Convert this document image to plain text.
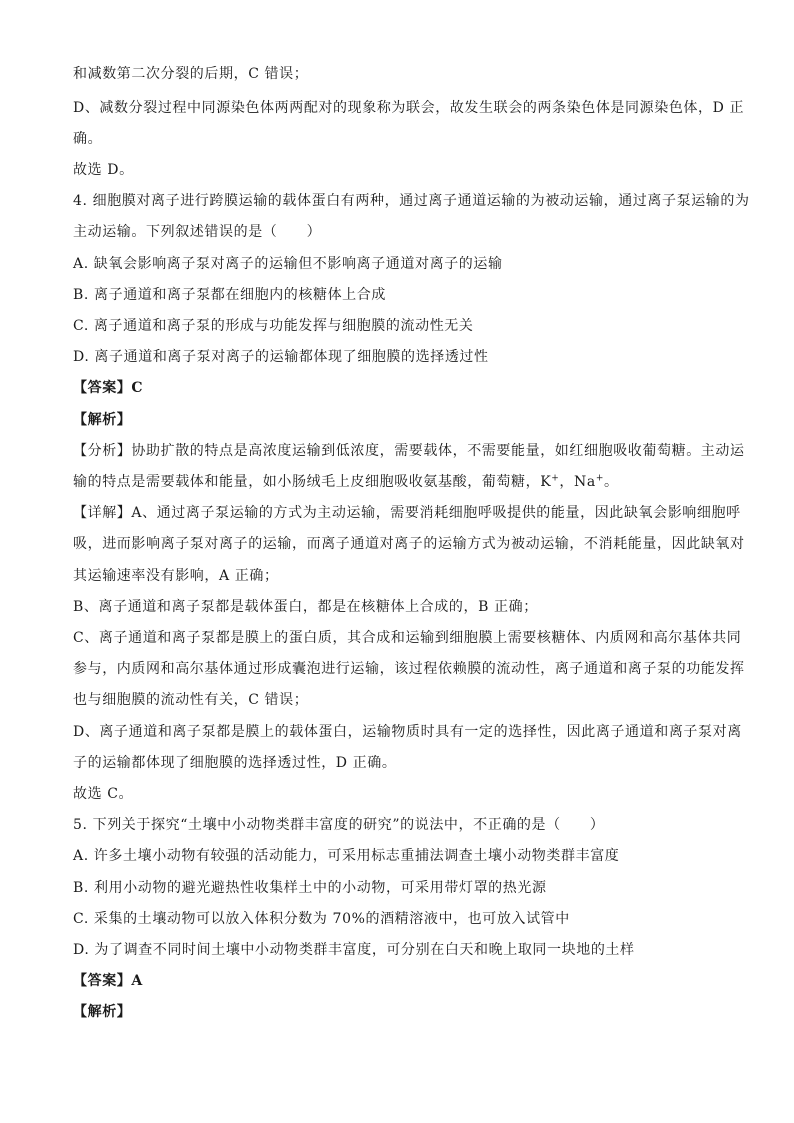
和减数第二次分裂的后期，C 错误；
D、减数分裂过程中同源染色体两两配对的现象称为联会，故发生联会的两条染色体是同源染色体，D 正
确。
故选 D。
4. 细胞膜对离子进行跨膜运输的载体蛋白有两种，通过离子通道运输的为被动运输，通过离子泵运输的为
主动运输。下列叙述错误的是（　　）
A. 缺氧会影响离子泵对离子的运输但不影响离子通道对离子的运输
B. 离子通道和离子泵都在细胞内的核糖体上合成
C. 离子通道和离子泵的形成与功能发挥与细胞膜的流动性无关
D. 离子通道和离子泵对离子的运输都体现了细胞膜的选择透过性
【答案】C
【解析】
【分析】协助扩散的特点是高浓度运输到低浓度，需要载体，不需要能量，如红细胞吸收葡萄糖。主动运
输的特点是需要载体和能量，如小肠绒毛上皮细胞吸收氨基酸，葡萄糖，K+，Na+。
【详解】A、通过离子泵运输的方式为主动运输，需要消耗细胞呼吸提供的能量，因此缺氧会影响细胞呼
吸，进而影响离子泵对离子的运输，而离子通道对离子的运输方式为被动运输，不消耗能量，因此缺氧对
其运输速率没有影响，A 正确；
B、离子通道和离子泵都是载体蛋白，都是在核糖体上合成的，B 正确；
C、离子通道和离子泵都是膜上的蛋白质，其合成和运输到细胞膜上需要核糖体、内质网和高尔基体共同
参与，内质网和高尔基体通过形成囊泡进行运输，该过程依赖膜的流动性，离子通道和离子泵的功能发挥
也与细胞膜的流动性有关，C 错误；
D、离子通道和离子泵都是膜上的载体蛋白，运输物质时具有一定的选择性，因此离子通道和离子泵对离
子的运输都体现了细胞膜的选择透过性，D 正确。
故选 C。
5. 下列关于探究“土壤中小动物类群丰富度的研究”的说法中，不正确的是（　　）
A. 许多土壤小动物有较强的活动能力，可采用标志重捕法调查土壤小动物类群丰富度
B. 利用小动物的避光避热性收集样土中的小动物，可采用带灯罩的热光源
C. 采集的土壤动物可以放入体积分数为 70%的酒精溶液中，也可放入试管中
D. 为了调查不同时间土壤中小动物类群丰富度，可分别在白天和晚上取同一块地的土样
【答案】A
【解析】
